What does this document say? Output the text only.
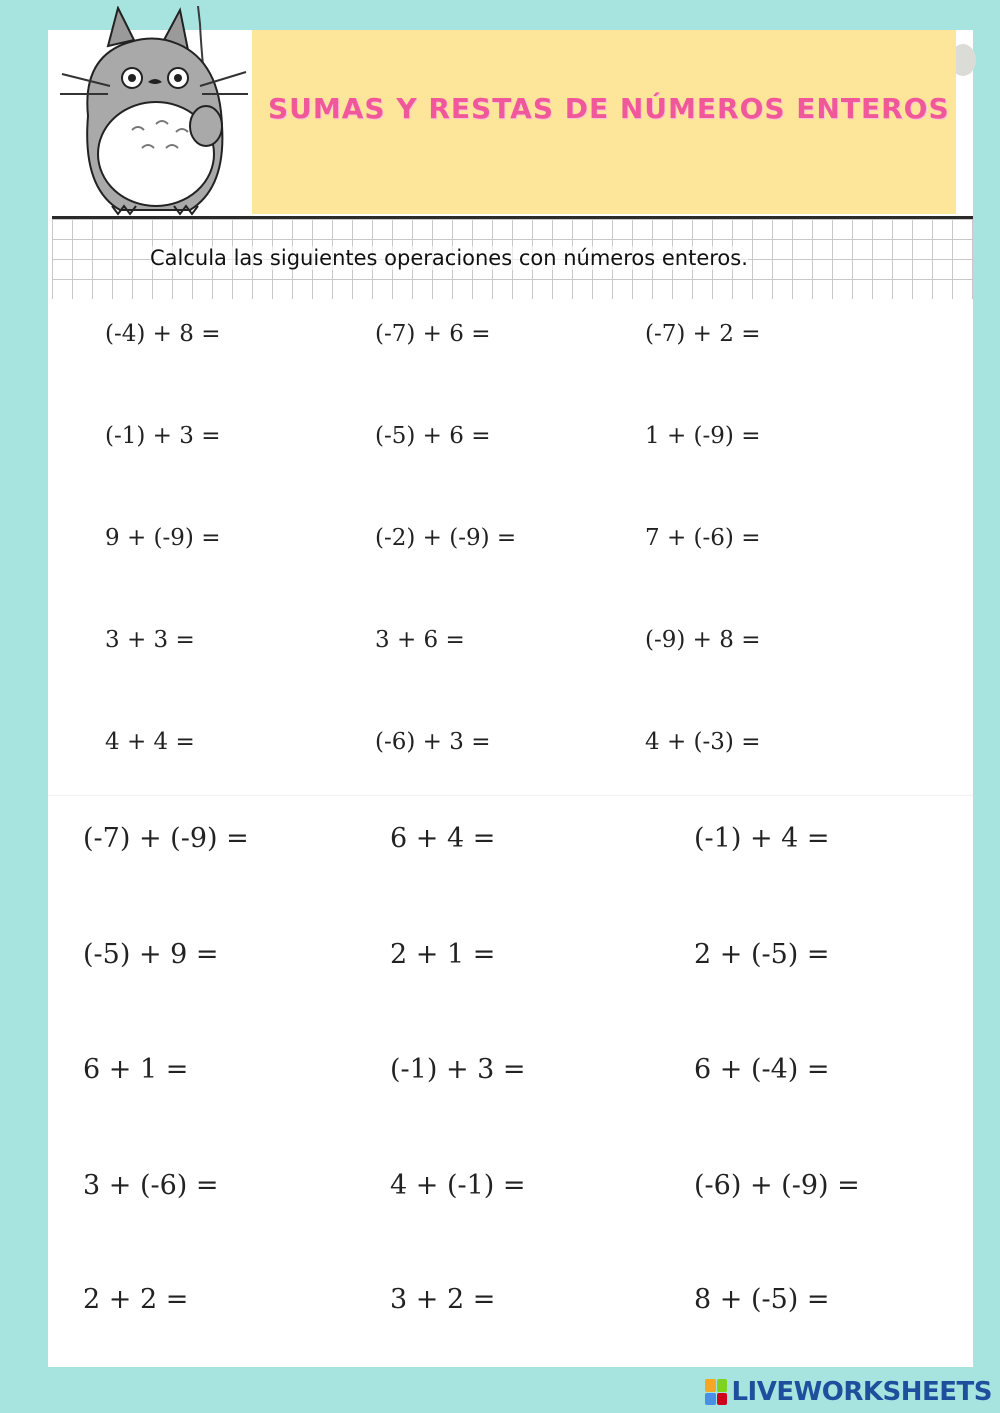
SUMAS Y RESTAS DE NÚMEROS ENTEROS
Calcula las siguientes operaciones con números enteros.
(-4) + 8 =	(-7) + 6 =	(-7) + 2 =
(-1) + 3 =	(-5) + 6 =	1 + (-9) =
9 + (-9) =	(-2) + (-9) =	7 + (-6) =
3 + 3 =	3 + 6 =	(-9) + 8 =
4 + 4 =	(-6) + 3 =	4 + (-3) =
(-7) + (-9) =	6 + 4 =	(-1) + 4 =
(-5) + 9 =	2 + 1 =	2 + (-5) =
6 + 1 =	(-1) + 3 =	6 + (-4) =
3 + (-6) =	4 + (-1) =	(-6) + (-9) =
2 + 2 =	3 + 2 =	8 + (-5) =
LIVEWORKSHEETS
